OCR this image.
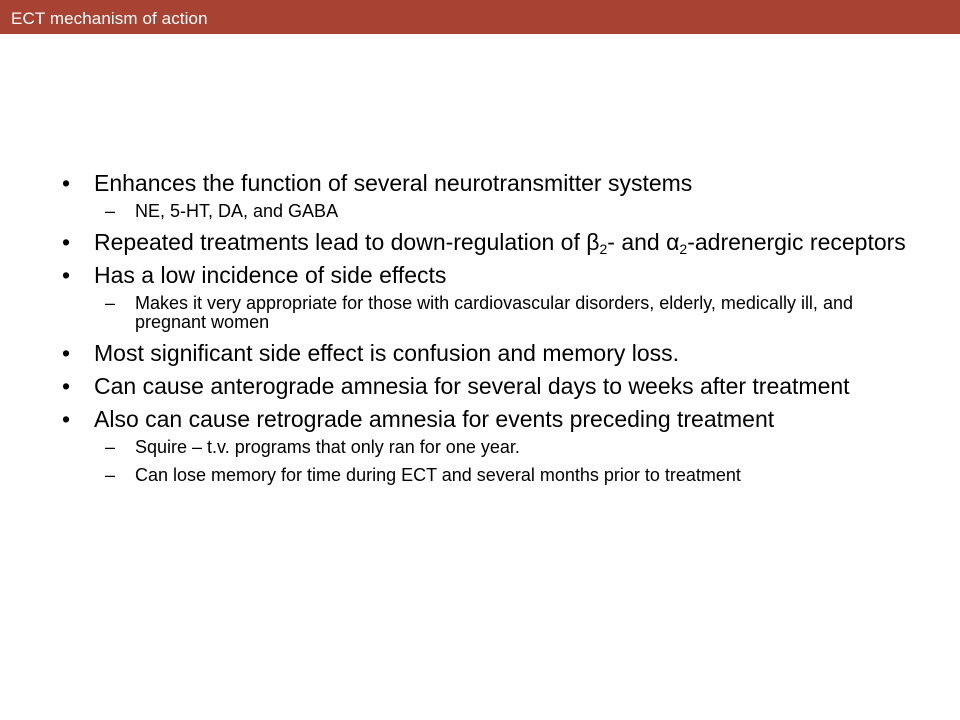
ECT mechanism of action
• Enhances the function of several neurotransmitter systems
– NE, 5-HT, DA, and GABA
• Repeated treatments lead to down-regulation of $\beta_2-$ and $\alpha_2$-adrenergic receptors
• Has a low incidence of side effects
– Makes it very appropriate for those with cardiovascular disorders, elderly, medically ill, and pregnant women
• Most significant side effect is confusion and memory loss.
• Can cause anterograde amnesia for several days to weeks after treatment
• Also can cause retrograde amnesia for events preceding treatment
– Squire – t.v. programs that only ran for one year.
– Can lose memory for time during ECT and several months prior to treatment
